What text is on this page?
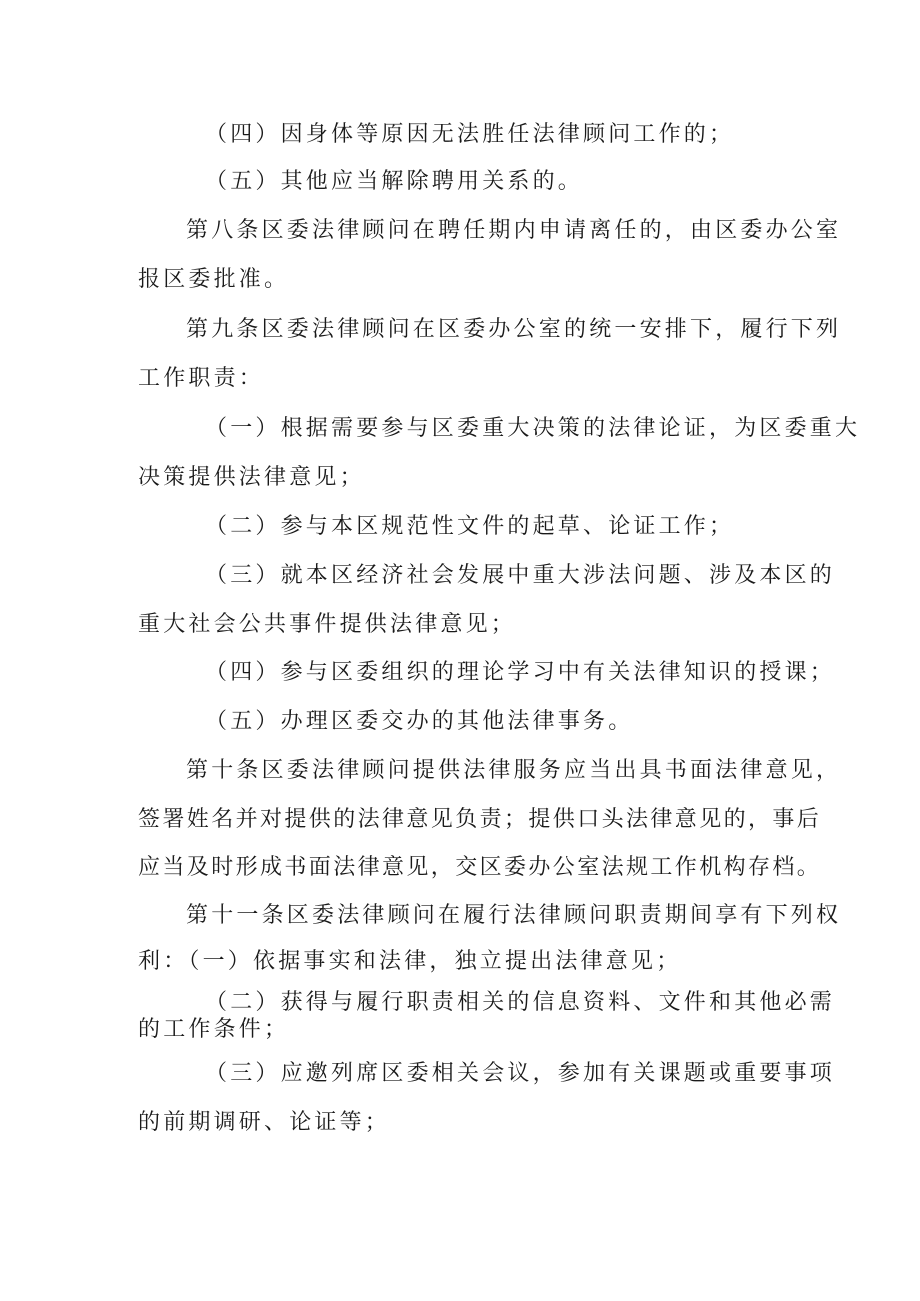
（四）因身体等原因无法胜任法律顾问工作的；
（五）其他应当解除聘用关系的。
第八条区委法律顾问在聘任期内申请离任的，由区委办公室
报区委批准。
第九条区委法律顾问在区委办公室的统一安排下，履行下列
工作职责：
（一）根据需要参与区委重大决策的法律论证，为区委重大
决策提供法律意见；
（二）参与本区规范性文件的起草、论证工作；
（三）就本区经济社会发展中重大涉法问题、涉及本区的
重大社会公共事件提供法律意见；
（四）参与区委组织的理论学习中有关法律知识的授课；
（五）办理区委交办的其他法律事务。
第十条区委法律顾问提供法律服务应当出具书面法律意见，
签署姓名并对提供的法律意见负责；提供口头法律意见的，事后
应当及时形成书面法律意见，交区委办公室法规工作机构存档。
第十一条区委法律顾问在履行法律顾问职责期间享有下列权
利：（一）依据事实和法律，独立提出法律意见；
（二）获得与履行职责相关的信息资料、文件和其他必需
的工作条件；
（三）应邀列席区委相关会议，参加有关课题或重要事项
的前期调研、论证等；
